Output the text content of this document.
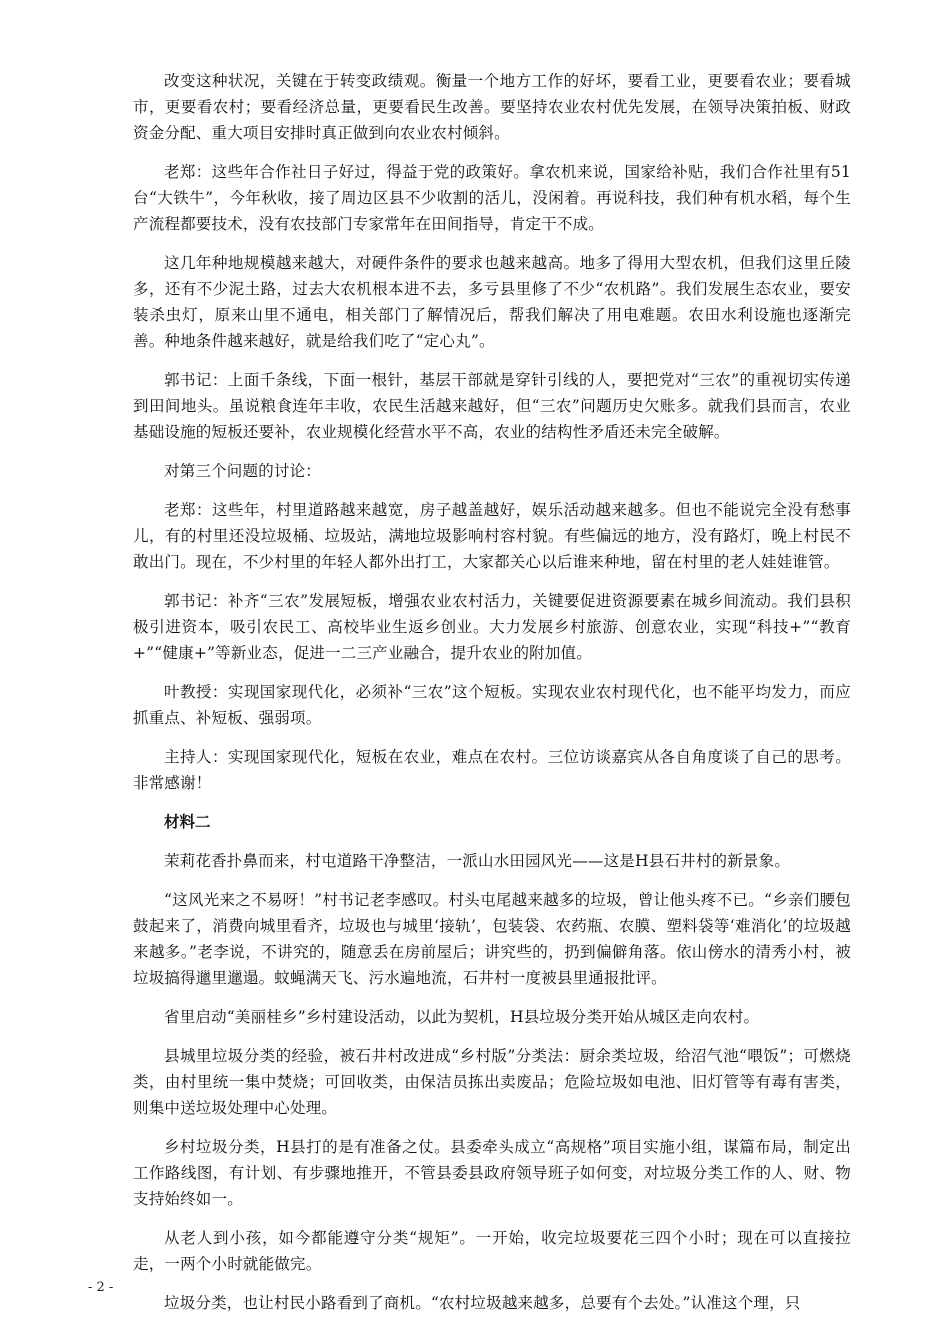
改变这种状况，关键在于转变政绩观。衡量一个地方工作的好坏，要看工业，更要看农业；要看城市，更要看农村；要看经济总量，更要看民生改善。要坚持农业农村优先发展，在领导决策拍板、财政资金分配、重大项目安排时真正做到向农业农村倾斜。

老郑：这些年合作社日子好过，得益于党的政策好。拿农机来说，国家给补贴，我们合作社里有51台“大铁牛”，今年秋收，接了周边区县不少收割的活儿，没闲着。再说科技，我们种有机水稻，每个生产流程都要技术，没有农技部门专家常年在田间指导，肯定干不成。

这几年种地规模越来越大，对硬件条件的要求也越来越高。地多了得用大型农机，但我们这里丘陵多，还有不少泥土路，过去大农机根本进不去，多亏县里修了不少“农机路”。我们发展生态农业，要安装杀虫灯，原来山里不通电，相关部门了解情况后，帮我们解决了用电难题。农田水利设施也逐渐完善。种地条件越来越好，就是给我们吃了“定心丸”。

郭书记：上面千条线，下面一根针，基层干部就是穿针引线的人，要把党对“三农”的重视切实传递到田间地头。虽说粮食连年丰收，农民生活越来越好，但“三农”问题历史欠账多。就我们县而言，农业基础设施的短板还要补，农业规模化经营水平不高，农业的结构性矛盾还未完全破解。

对第三个问题的讨论：

老郑：这些年，村里道路越来越宽，房子越盖越好，娱乐活动越来越多。但也不能说完全没有愁事儿，有的村里还没垃圾桶、垃圾站，满地垃圾影响村容村貌。有些偏远的地方，没有路灯，晚上村民不敢出门。现在，不少村里的年轻人都外出打工，大家都关心以后谁来种地，留在村里的老人娃娃谁管。

郭书记：补齐“三农”发展短板，增强农业农村活力，关键要促进资源要素在城乡间流动。我们县积极引进资本，吸引农民工、高校毕业生返乡创业。大力发展乡村旅游、创意农业，实现“科技+”“教育+”“健康+”等新业态，促进一二三产业融合，提升农业的附加值。

叶教授：实现国家现代化，必须补“三农”这个短板。实现农业农村现代化，也不能平均发力，而应抓重点、补短板、强弱项。

主持人：实现国家现代化，短板在农业，难点在农村。三位访谈嘉宾从各自角度谈了自己的思考。非常感谢！

材料二

茉莉花香扑鼻而来，村屯道路干净整洁，一派山水田园风光——这是H县石井村的新景象。

“这风光来之不易呀！”村书记老李感叹。村头屯尾越来越多的垃圾，曾让他头疼不已。“乡亲们腰包鼓起来了，消费向城里看齐，垃圾也与城里‘接轨’，包装袋、农药瓶、农膜、塑料袋等‘难消化’的垃圾越来越多。”老李说，不讲究的，随意丢在房前屋后；讲究些的，扔到偏僻角落。依山傍水的清秀小村，被垃圾搞得邋里邋遢。蚊蝇满天飞、污水遍地流，石井村一度被县里通报批评。

省里启动“美丽桂乡”乡村建设活动，以此为契机，H县垃圾分类开始从城区走向农村。

县城里垃圾分类的经验，被石井村改进成“乡村版”分类法：厨余类垃圾，给沼气池“喂饭”；可燃烧类，由村里统一集中焚烧；可回收类，由保洁员拣出卖废品；危险垃圾如电池、旧灯管等有毒有害类，则集中送垃圾处理中心处理。

乡村垃圾分类，H县打的是有准备之仗。县委牵头成立“高规格”项目实施小组，谋篇布局，制定出工作路线图，有计划、有步骤地推开，不管县委县政府领导班子如何变，对垃圾分类工作的人、财、物支持始终如一。

从老人到小孩，如今都能遵守分类“规矩”。一开始，收完垃圾要花三四个小时；现在可以直接拉走，一两个小时就能做完。

垃圾分类，也让村民小路看到了商机。“农村垃圾越来越多，总要有个去处。”认准这个理，只

- 2 -
